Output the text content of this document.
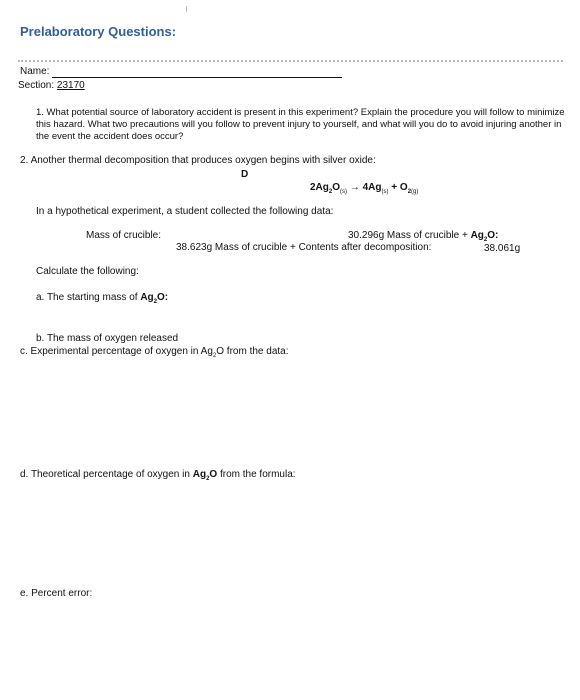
Prelaboratory Questions:
Name:
Section: 23170
1. What potential source of laboratory accident is present in this experiment? Explain the procedure you will follow to minimize this hazard. What two precautions will you follow to prevent injury to yourself, and what will you do to avoid injuring another in the event the accident does occur?
2. Another thermal decomposition that produces oxygen begins with silver oxide:
D
$2Ag_2O_{(s)} \to 4Ag_{(s)} + O_{2(g)}$
In a hypothetical experiment, a student collected the following data:
Mass of crucible:	30.296g Mass of crucible + $Ag_2O$:
38.623g Mass of crucible + Contents after decomposition:	38.061g
Calculate the following:
a. The starting mass of $Ag_2O$:
b. The mass of oxygen released
c. Experimental percentage of oxygen in $Ag_2O$ from the data:
d. Theoretical percentage of oxygen in $Ag_2O$ from the formula:
e. Percent error:
